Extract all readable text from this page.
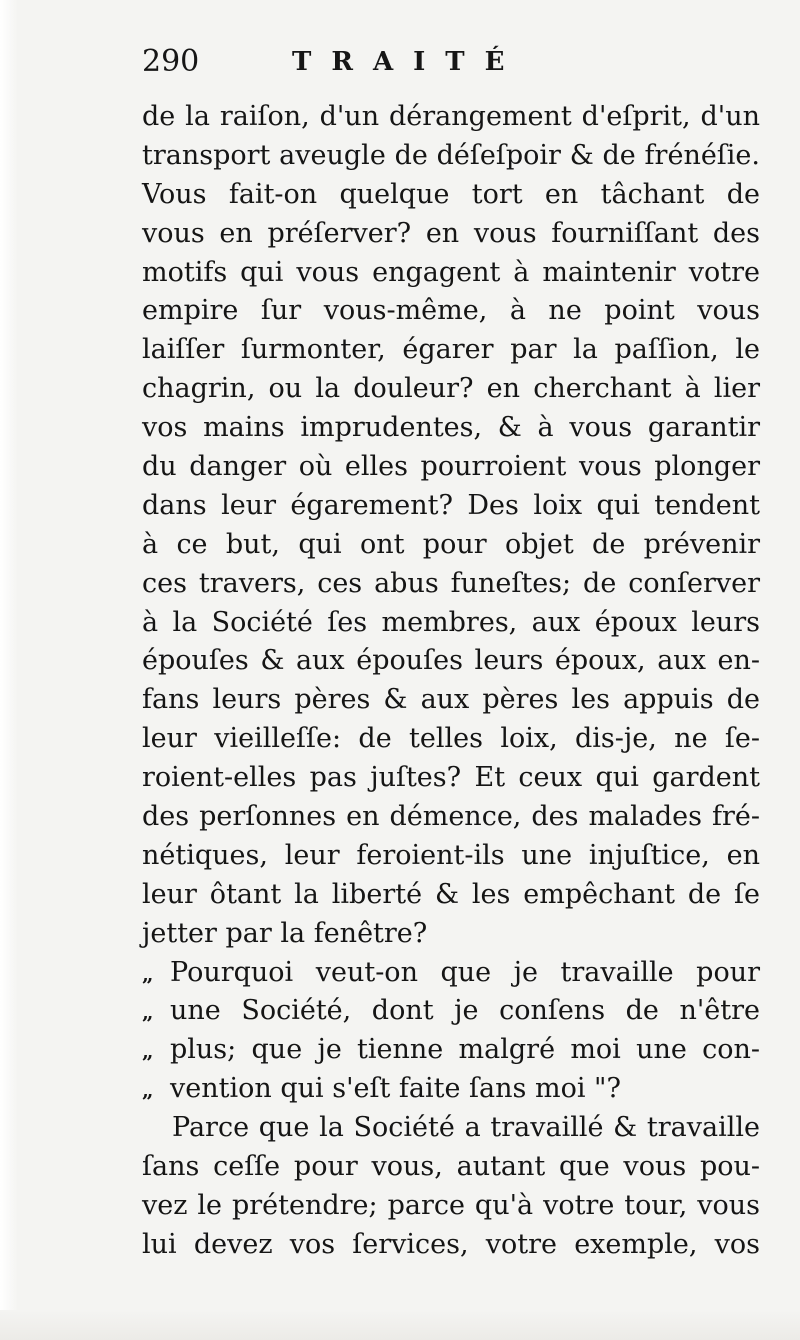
290	TRAITÉ
de la raiſon, d'un dérangement d'eſprit, d'un
transport aveugle de déſeſpoir & de frénéſie.
Vous fait-on quelque tort en tâchant de
vous en préſerver? en vous fourniſſant des
motifs qui vous engagent à maintenir votre
empire ſur vous-même, à ne point vous
laiſſer ſurmonter, égarer par la paſſion, le
chagrin, ou la douleur? en cherchant à lier
vos mains imprudentes, & à vous garantir
du danger où elles pourroient vous plonger
dans leur égarement? Des loix qui tendent
à ce but, qui ont pour objet de prévenir
ces travers, ces abus funeſtes; de conſerver
à la Société ſes membres, aux époux leurs
épouſes & aux épouſes leurs époux, aux en-
fans leurs pères & aux pères les appuis de
leur vieilleſſe: de telles loix, dis-je, ne ſe-
roient-elles pas juſtes? Et ceux qui gardent
des perſonnes en démence, des malades fré-
nétiques, leur feroient-ils une injuſtice, en
leur ôtant la liberté & les empêchant de ſe
jetter par la fenêtre?
„ Pourquoi veut-on que je travaille pour
„ une Société, dont je conſens de n'être
„ plus; que je tienne malgré moi une con-
„ vention qui s'eſt faite ſans moi "?
Parce que la Société a travaillé & travaille
ſans ceſſe pour vous, autant que vous pou-
vez le prétendre; parce qu'à votre tour, vous
lui devez vos ſervices, votre exemple, vos
